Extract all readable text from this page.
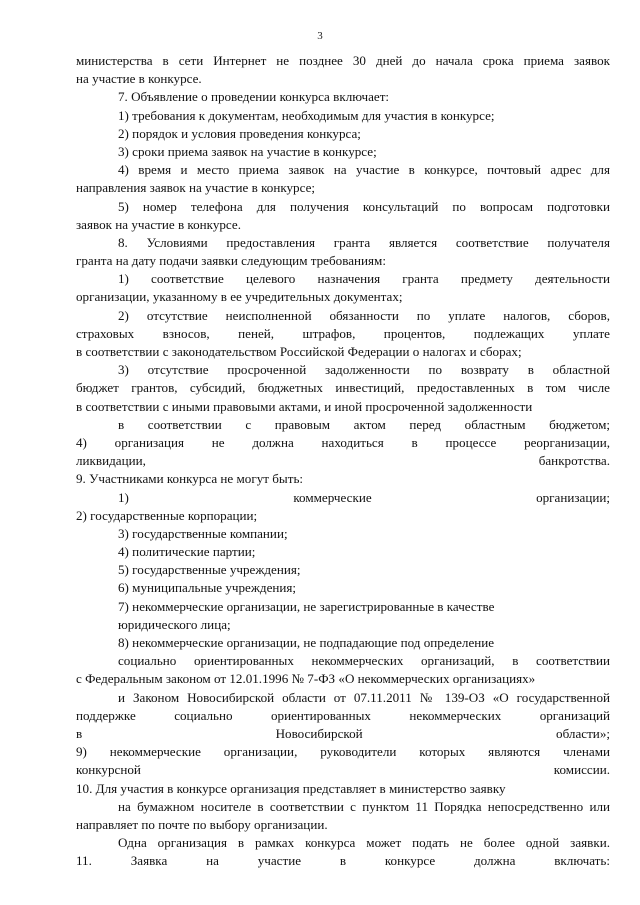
3

министерства в сети Интернет не позднее 30 дней до начала срока приема заявок

на участие в конкурсе.

7. Объявление о проведении конкурса включает:

1) требования к документам, необходимым для участия в конкурсе;

2) порядок и условия проведения конкурса;

3) сроки приема заявок на участие в конкурсе;

4) время и место приема заявок на участие в конкурсе, почтовый адрес для

направления заявок на участие в конкурсе;

5) номер телефона для получения консультаций по вопросам подготовки

заявок на участие в конкурсе.

8. Условиями предоставления гранта является соответствие получателя

гранта на дату подачи заявки следующим требованиям:

1) соответствие целевого назначения гранта предмету деятельности

организации, указанному в ее учредительных документах;

2) отсутствие неисполненной обязанности по уплате налогов, сборов,

страховых взносов, пеней, штрафов, процентов, подлежащих уплате

в соответствии с законодательством Российской Федерации о налогах и сборах;

3) отсутствие просроченной задолженности по возврату в областной

бюджет грантов, субсидий, бюджетных инвестиций, предоставленных в том числе

в соответствии с иными правовыми актами, и иной просроченной задолженности

в соответствии с правовым актом перед областным бюджетом;

4) организация не должна находиться в процессе реорганизации,

ликвидации, банкротства.

9. Участниками конкурса не могут быть:

1) коммерческие организации;

2) государственные корпорации;

3) государственные компании;

4) политические партии;

5) государственные учреждения;

6) муниципальные учреждения;

7) некоммерческие организации, не зарегистрированные в качестве

юридического лица;

8) некоммерческие организации, не подпадающие под определение

социально ориентированных некоммерческих организаций, в соответствии

с Федеральным законом от 12.01.1996 № 7-ФЗ «О некоммерческих организациях»

и Законом Новосибирской области от 07.11.2011 № 139-ОЗ «О государственной

поддержке социально ориентированных некоммерческих организаций

в Новосибирской области»;

9) некоммерческие организации, руководители которых являются членами

конкурсной комиссии.

10. Для участия в конкурсе организация представляет в министерство заявку

на бумажном носителе в соответствии с пунктом 11 Порядка непосредственно или

направляет по почте по выбору организации.

Одна организация в рамках конкурса может подать не более одной заявки.

11. Заявка на участие в конкурсе должна включать:
